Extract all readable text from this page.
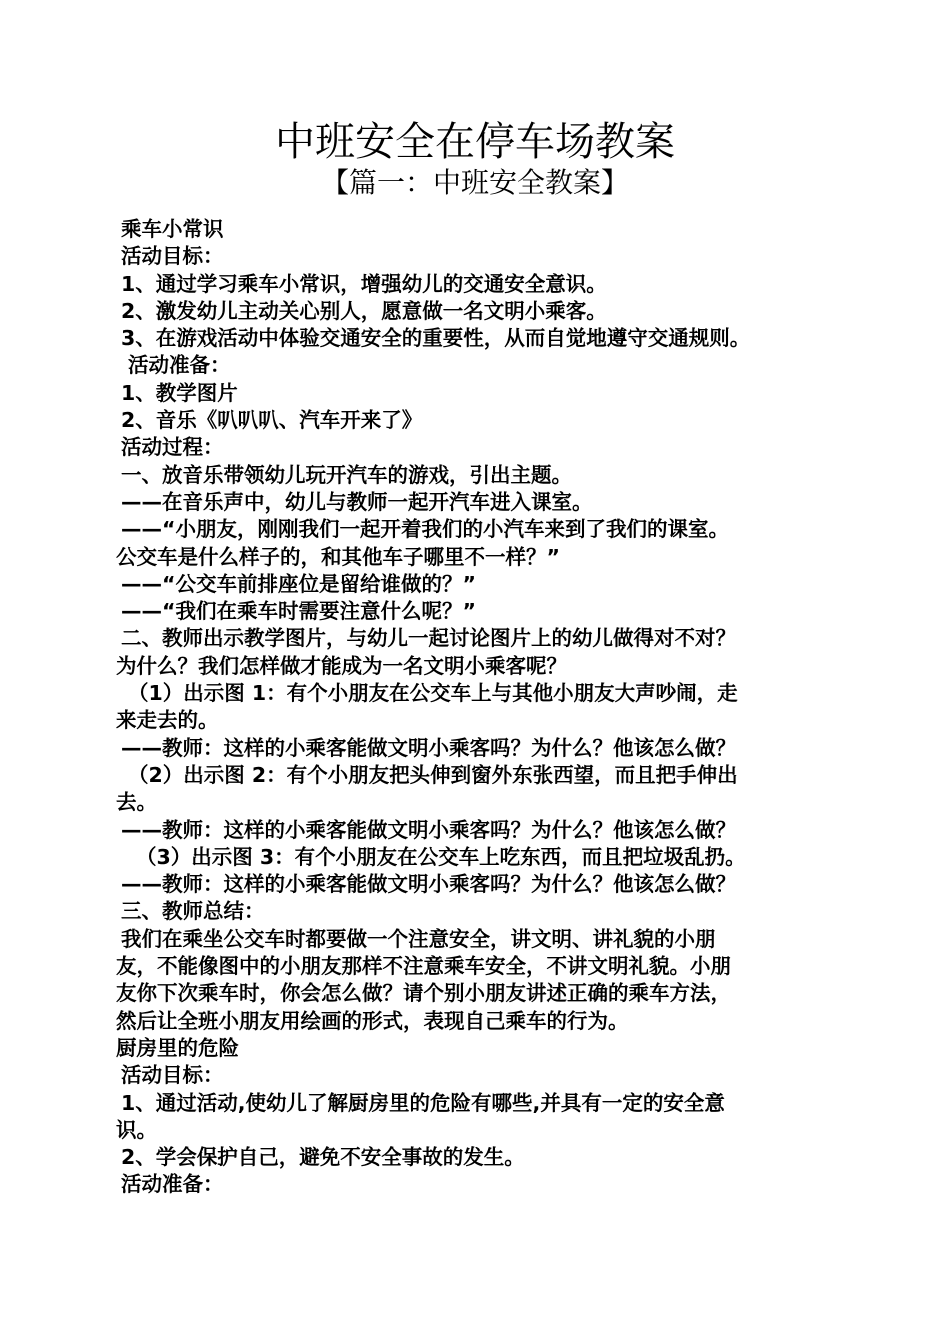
中班安全在停车场教案
【篇一：中班安全教案】
乘车小常识
活动目标：
1、通过学习乘车小常识，增强幼儿的交通安全意识。
2、激发幼儿主动关心别人，愿意做一名文明小乘客。
3、在游戏活动中体验交通安全的重要性，从而自觉地遵守交通规则。
活动准备：
1、教学图片
2、音乐《叭叭叭、汽车开来了》
活动过程：
一、放音乐带领幼儿玩开汽车的游戏，引出主题。
——在音乐声中，幼儿与教师一起开汽车进入课室。
——“小朋友，刚刚我们一起开着我们的小汽车来到了我们的课室。
公交车是什么样子的，和其他车子哪里不一样？”
——“公交车前排座位是留给谁做的？”
——“我们在乘车时需要注意什么呢？”
二、教师出示教学图片，与幼儿一起讨论图片上的幼儿做得对不对？
为什么？我们怎样做才能成为一名文明小乘客呢？
（1）出示图 1：有个小朋友在公交车上与其他小朋友大声吵闹，走
来走去的。
——教师：这样的小乘客能做文明小乘客吗？为什么？他该怎么做？
（2）出示图 2：有个小朋友把头伸到窗外东张西望，而且把手伸出
去。
——教师：这样的小乘客能做文明小乘客吗？为什么？他该怎么做？
（3）出示图 3：有个小朋友在公交车上吃东西，而且把垃圾乱扔。
——教师：这样的小乘客能做文明小乘客吗？为什么？他该怎么做？
三、教师总结：
我们在乘坐公交车时都要做一个注意安全，讲文明、讲礼貌的小朋
友，不能像图中的小朋友那样不注意乘车安全，不讲文明礼貌。小朋
友你下次乘车时，你会怎么做？请个别小朋友讲述正确的乘车方法，
然后让全班小朋友用绘画的形式，表现自己乘车的行为。
厨房里的危险
活动目标：
1、通过活动,使幼儿了解厨房里的危险有哪些,并具有一定的安全意
识。
2、学会保护自己，避免不安全事故的发生。
活动准备：
